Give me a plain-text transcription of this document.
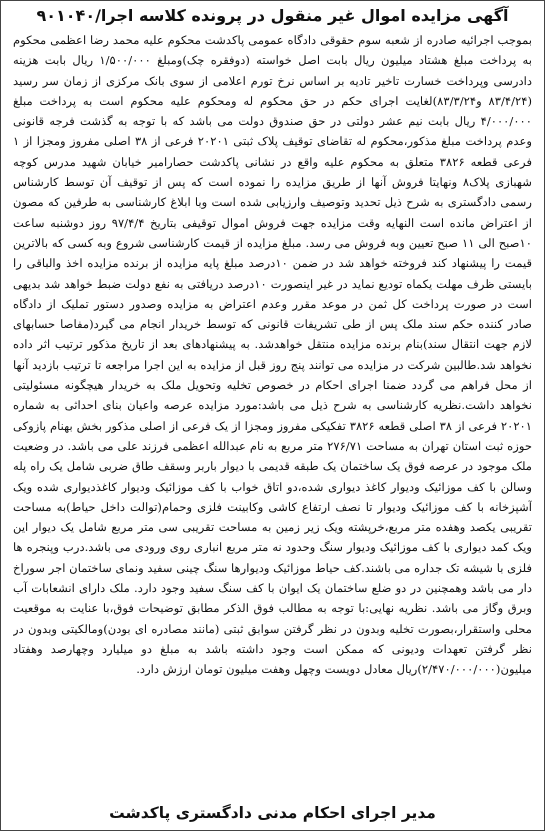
آگهی مزایده اموال غیر منقول در پرونده کلاسه اجرا/۹۰۱۰۴۰

بموجب اجرائیه صادره از شعبه سوم حقوقی دادگاه عمومی پاکدشت محکوم علیه محمد رضا اعظمی محکوم به پرداخت مبلغ هشتاد میلیون ریال بابت اصل خواسته (دوفقره چک)ومبلغ ۱/۵۰۰/۰۰۰ ریال بابت هزینه دادرسی وپرداخت خسارت تاخیر تادیه بر اساس نرخ تورم اعلامی از سوی بانک مرکزی از زمان سر رسید (۸۳/۴/۲۴ و۸۳/۳/۲۴)لغایت اجرای حکم در حق محکوم له ومحکوم علیه محکوم است به پرداخت مبلغ ۴/۰۰۰/۰۰۰ ریال بابت نیم عشر دولتی در حق صندوق دولت می باشد که با توجه به گذشت فرجه قانونی وعدم پرداخت مبلغ مذکور،محکوم له تقاضای توقیف پلاک ثبتی ۲۰۲۰۱ فرعی از ۳۸ اصلی مفروز ومجزا از ۱ فرعی قطعه ۳۸۲۶ متعلق به محکوم علیه واقع در نشانی پاکدشت حصارامیر خیابان شهید مدرس کوچه شهبازی پلاک۸ ونهایتا فروش آنها از طریق مزایده را نموده است که پس از توقیف آن توسط کارشناس رسمی دادگستری به شرح ذیل تحدید وتوصیف وارزیابی شده است وبا ابلاغ کارشناسی به طرفین که مصون از اعتراض مانده است النهایه وقت مزایده جهت فروش اموال توقیفی بتاریخ ۹۷/۴/۴ روز دوشنبه ساعت ۱۰صبح الی ۱۱ صبح تعیین وبه فروش می رسد. مبلغ مزایده از قیمت کارشناسی شروع وبه کسی که بالاترین قیمت را پیشنهاد کند فروخته خواهد شد در ضمن ۱۰درصد مبلغ پایه مزایده از برنده مزایده اخذ والباقی را بایستی ظرف مهلت یکماه تودیع نماید در غیر اینصورت ۱۰درصد دریافتی به نفع دولت ضبط خواهد شد بدیهی است در صورت پرداخت کل ثمن در موعد مقرر وعدم اعتراض به مزایده وصدور دستور تملیک از دادگاه صادر کننده حکم سند ملک پس از طی تشریفات قانونی که توسط خریدار انجام می گیرد(مفاصا حسابهای لازم جهت انتقال سند)بنام برنده مزایده منتقل خواهدشد. به پیشنهادهای بعد از تاریخ مذکور ترتیب اثر داده نخواهد شد.طالبین شرکت در مزایده می توانند پنج روز قبل از مزایده به این اجرا مراجعه تا ترتیب بازدید آنها از محل فراهم می گردد ضمنا اجرای احکام در خصوص تخلیه وتحویل ملک به خریدار هیچگونه مسئولیتی نخواهد داشت.نظریه کارشناسی به شرح ذیل می باشد:مورد مزایده عرصه واعیان بنای احداثی به شماره ۲۰۲۰۱ فرعی از ۳۸ اصلی قطعه ۳۸۲۶ تفکیکی مفروز ومجزا از یک فرعی از اصلی مذکور بخش بهنام پازوکی حوزه ثبت استان تهران به مساحت ۲۷۶/۷۱ متر مربع به نام عبدالله اعظمی فرزند علی می باشد. در وضعیت ملک موجود در عرصه فوق یک ساختمان یک طبقه قدیمی با دیوار باربر وسقف طاق ضربی شامل یک راه پله وسالن با کف موزائیک ودیوار کاغذ دیواری شده،دو اتاق خواب با کف موزائیک ودیوار کاغذدیواری شده ویک آشپزخانه با کف موزائیک ودیوار تا نصف ارتفاع کاشی وکابینت فلزی وحمام(توالت داخل حیاط)به مساحت تقریبی یکصد وهفده متر مربع،خرپشته ویک زیر زمین به مساحت تقریبی سی متر مربع شامل یک دیوار این ویک کمد دیواری با کف موزائیک ودیوار سنگ وحدود نه متر مربع انباری روی ورودی می باشد.درب وپنجره ها فلزی با شیشه تک جداره می باشند.کف حیاط موزائیک ودیوارها سنگ چینی سفید ونمای ساختمان اجر سوراخ دار می باشد وهمچنین در دو ضلع ساختمان یک ایوان با کف سنگ سفید وجود دارد. ملک دارای انشعابات آب وبرق وگاز می باشد. نظریه نهایی:با توجه به مطالب فوق الذکر مطابق توضیحات فوق،با عنایت به موقعیت محلی واستقرار،بصورت تخلیه وبدون در نظر گرفتن سوابق ثبتی (مانند مصادره ای بودن)ومالکیتی وبدون در نظر گرفتن تعهدات ودیونی که ممکن است وجود داشته باشد به مبلغ دو میلیارد وچهارصد وهفتاد میلیون(۲/۴۷۰/۰۰۰/۰۰۰)ریال معادل دویست وچهل وهفت میلیون تومان ارزش دارد.

مدیر اجرای احکام مدنی دادگستری پاکدشت
